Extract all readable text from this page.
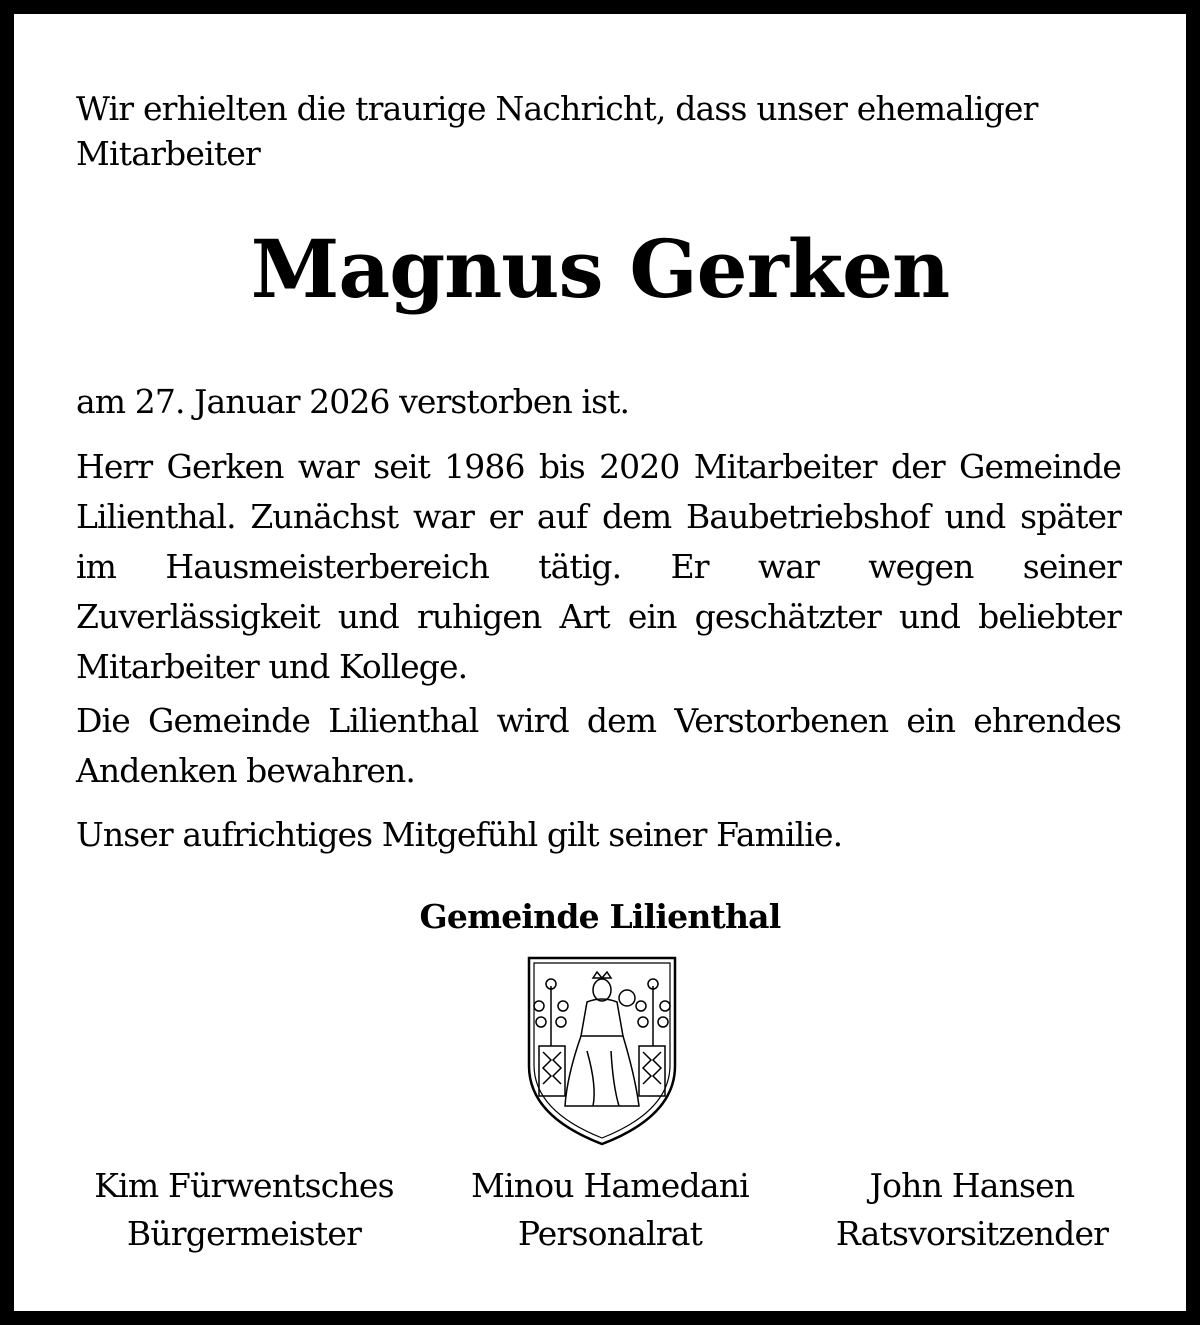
Wir erhielten die traurige Nachricht, dass unser ehemaliger Mitarbeiter
Magnus Gerken
am 27. Januar 2026 verstorben ist.
Herr Gerken war seit 1986 bis 2020 Mitarbeiter der Gemeinde Lilienthal. Zunächst war er auf dem Baubetriebshof und später im Hausmeisterbereich tätig. Er war wegen seiner Zuverlässigkeit und ruhigen Art ein geschätzter und beliebter Mitarbeiter und Kollege.
Die Gemeinde Lilienthal wird dem Verstorbenen ein ehrendes Andenken bewahren.
Unser aufrichtiges Mitgefühl gilt seiner Familie.
Gemeinde Lilienthal
Kim Fürwentsches
Bürgermeister
Minou Hamedani
Personalrat
John Hansen
Ratsvorsitzender
